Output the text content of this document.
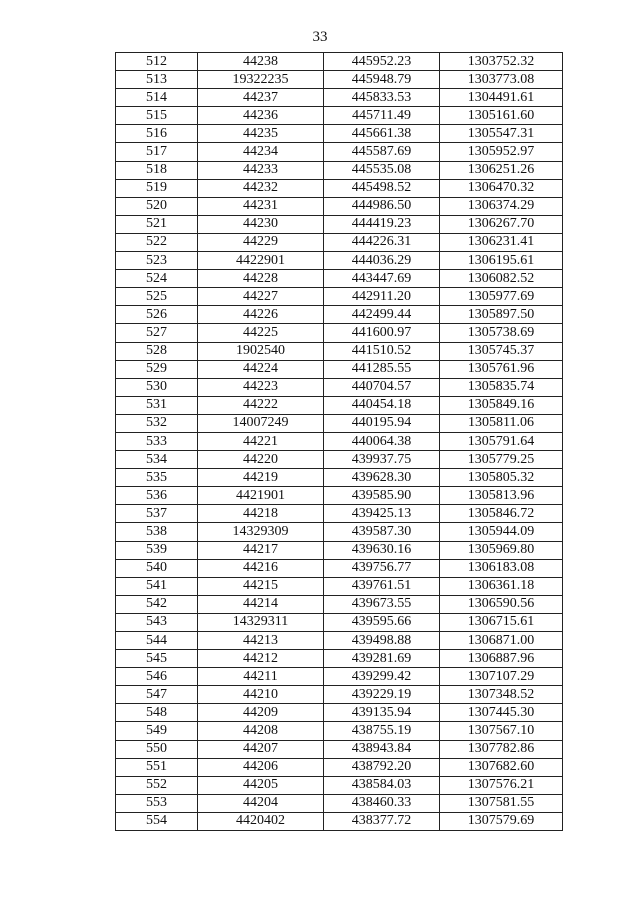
33
512	44238	445952.23	1303752.32
513	19322235	445948.79	1303773.08
514	44237	445833.53	1304491.61
515	44236	445711.49	1305161.60
516	44235	445661.38	1305547.31
517	44234	445587.69	1305952.97
518	44233	445535.08	1306251.26
519	44232	445498.52	1306470.32
520	44231	444986.50	1306374.29
521	44230	444419.23	1306267.70
522	44229	444226.31	1306231.41
523	4422901	444036.29	1306195.61
524	44228	443447.69	1306082.52
525	44227	442911.20	1305977.69
526	44226	442499.44	1305897.50
527	44225	441600.97	1305738.69
528	1902540	441510.52	1305745.37
529	44224	441285.55	1305761.96
530	44223	440704.57	1305835.74
531	44222	440454.18	1305849.16
532	14007249	440195.94	1305811.06
533	44221	440064.38	1305791.64
534	44220	439937.75	1305779.25
535	44219	439628.30	1305805.32
536	4421901	439585.90	1305813.96
537	44218	439425.13	1305846.72
538	14329309	439587.30	1305944.09
539	44217	439630.16	1305969.80
540	44216	439756.77	1306183.08
541	44215	439761.51	1306361.18
542	44214	439673.55	1306590.56
543	14329311	439595.66	1306715.61
544	44213	439498.88	1306871.00
545	44212	439281.69	1306887.96
546	44211	439299.42	1307107.29
547	44210	439229.19	1307348.52
548	44209	439135.94	1307445.30
549	44208	438755.19	1307567.10
550	44207	438943.84	1307782.86
551	44206	438792.20	1307682.60
552	44205	438584.03	1307576.21
553	44204	438460.33	1307581.55
554	4420402	438377.72	1307579.69
